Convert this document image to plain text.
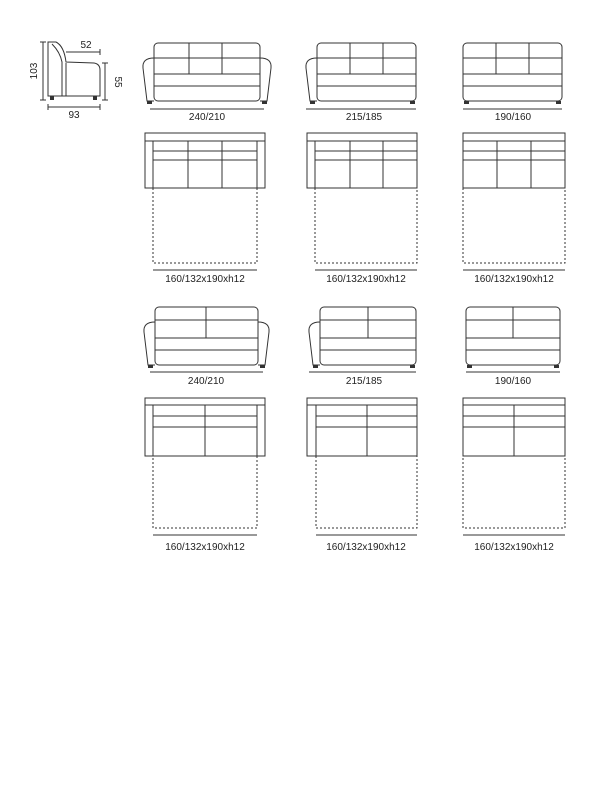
103
93
52
55
240/210	215/185	190/160
160/132x190xh12	160/132x190xh12	160/132x190xh12
240/210	215/185	190/160
160/132x190xh12	160/132x190xh12	160/132x190xh12
